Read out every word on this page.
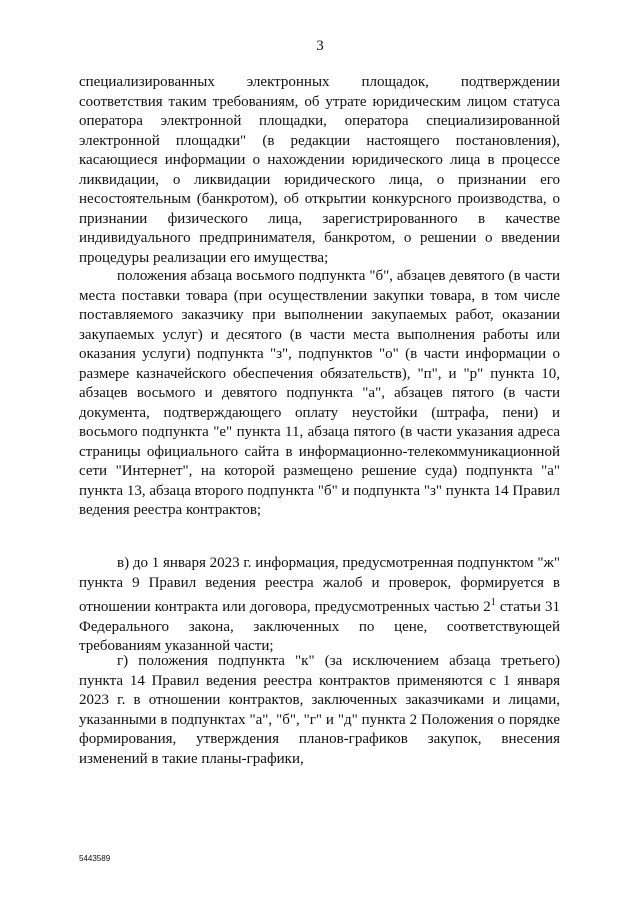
3

специализированных электронных площадок, подтверждении соответствия таким требованиям, об утрате юридическим лицом статуса оператора электронной площадки, оператора специализированной электронной площадки" (в редакции настоящего постановления), касающиеся информации о нахождении юридического лица в процессе ликвидации, о ликвидации юридического лица, о признании его несостоятельным (банкротом), об открытии конкурсного производства, о признании физического лица, зарегистрированного в качестве индивидуального предпринимателя, банкротом, о решении о введении процедуры реализации его имущества;

положения абзаца восьмого подпункта "б", абзацев девятого (в части места поставки товара (при осуществлении закупки товара, в том числе поставляемого заказчику при выполнении закупаемых работ, оказании закупаемых услуг) и десятого (в части места выполнения работы или оказания услуги) подпункта "з", подпунктов "о" (в части информации о размере казначейского обеспечения обязательств), "п", и "р" пункта 10, абзацев восьмого и девятого подпункта "а", абзацев пятого (в части документа, подтверждающего оплату неустойки (штрафа, пени) и восьмого подпункта "е" пункта 11, абзаца пятого (в части указания адреса страницы официального сайта в информационно-телекоммуникационной сети "Интернет", на которой размещено решение суда) подпункта "а" пункта 13, абзаца второго подпункта "б" и подпункта "з" пункта 14 Правил ведения реестра контрактов;

в) до 1 января 2023 г. информация, предусмотренная подпунктом "ж" пункта 9 Правил ведения реестра жалоб и проверок, формируется в отношении контракта или договора, предусмотренных частью $2^1$ статьи 31 Федерального закона, заключенных по цене, соответствующей требованиям указанной части;

г) положения подпункта "к" (за исключением абзаца третьего) пункта 14 Правил ведения реестра контрактов применяются с 1 января 2023 г. в отношении контрактов, заключенных заказчиками и лицами, указанными в подпунктах "а", "б", "г" и "д" пункта 2 Положения о порядке формирования, утверждения планов-графиков закупок, внесения изменений в такие планы-графики,

5443589
